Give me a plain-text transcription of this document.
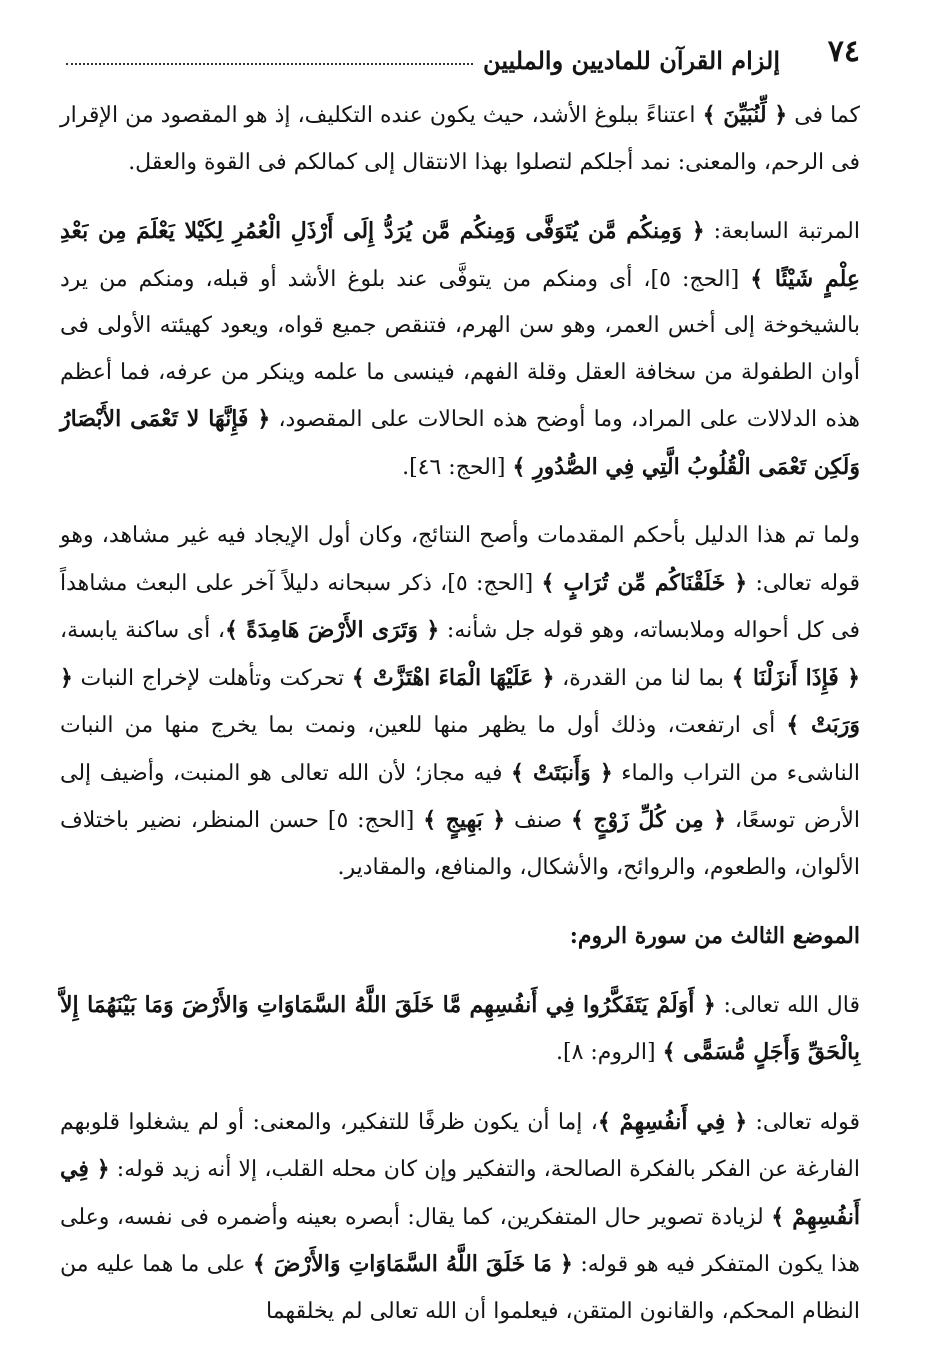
٧٤
إلزام القرآن للماديين والمليين

كما فى ﴿ لِّنُبَيِّنَ ﴾ اعتناءً ببلوغ الأشد، حيث يكون عنده التكليف، إذ هو المقصود من الإقرار فى الرحم، والمعنى: نمد أجلكم لتصلوا بهذا الانتقال إلى كمالكم فى القوة والعقل.

المرتبة السابعة: ﴿ وَمِنكُم مَّن يُتَوَفَّى وَمِنكُم مَّن يُرَدُّ إِلَى أَرْذَلِ الْعُمُرِ لِكَيْلا يَعْلَمَ مِن بَعْدِ عِلْمٍ شَيْئًا ﴾ [الحج: ٥]، أى ومنكم من يتوفَّى عند بلوغ الأشد أو قبله، ومنكم من يرد بالشيخوخة إلى أخس العمر، وهو سن الهرم، فتنقص جميع قواه، ويعود كهيئته الأولى فى أوان الطفولة من سخافة العقل وقلة الفهم، فينسى ما علمه وينكر من عرفه، فما أعظم هذه الدلالات على المراد، وما أوضح هذه الحالات على المقصود، ﴿ فَإِنَّهَا لا تَعْمَى الأَبْصَارُ وَلَكِن تَعْمَى الْقُلُوبُ الَّتِي فِي الصُّدُورِ ﴾ [الحج: ٤٦].

ولما تم هذا الدليل بأحكم المقدمات وأصح النتائج، وكان أول الإيجاد فيه غير مشاهد، وهو قوله تعالى: ﴿ خَلَقْنَاكُم مِّن تُرَابٍ ﴾ [الحج: ٥]، ذكر سبحانه دليلاً آخر على البعث مشاهداً فى كل أحواله وملابساته، وهو قوله جل شأنه: ﴿ وَتَرَى الأَرْضَ هَامِدَةً ﴾، أى ساكنة يابسة، ﴿ فَإِذَا أَنزَلْنَا ﴾ بما لنا من القدرة، ﴿ عَلَيْهَا الْمَاءَ اهْتَزَّتْ ﴾ تحركت وتأهلت لإخراج النبات ﴿ وَرَبَتْ ﴾ أى ارتفعت، وذلك أول ما يظهر منها للعين، ونمت بما يخرج منها من النبات الناشىء من التراب والماء ﴿ وَأَنبَتَتْ ﴾ فيه مجاز؛ لأن الله تعالى هو المنبت، وأضيف إلى الأرض توسعًا، ﴿ مِن كُلِّ زَوْجٍ ﴾ صنف ﴿ بَهِيجٍ ﴾ [الحج: ٥] حسن المنظر، نضير باختلاف الألوان، والطعوم، والروائح، والأشكال، والمنافع، والمقادير.

الموضع الثالث من سورة الروم:

قال الله تعالى: ﴿ أَوَلَمْ يَتَفَكَّرُوا فِي أَنفُسِهِم مَّا خَلَقَ اللَّهُ السَّمَاوَاتِ وَالأَرْضَ وَمَا بَيْنَهُمَا إِلاَّ بِالْحَقِّ وَأَجَلٍ مُّسَمًّى ﴾ [الروم: ٨].

قوله تعالى: ﴿ فِي أَنفُسِهِمْ ﴾، إما أن يكون ظرفًا للتفكير، والمعنى: أو لم يشغلوا قلوبهم الفارغة عن الفكر بالفكرة الصالحة، والتفكير وإن كان محله القلب، إلا أنه زيد قوله: ﴿ فِي أَنفُسِهِمْ ﴾ لزيادة تصوير حال المتفكرين، كما يقال: أبصره بعينه وأضمره فى نفسه، وعلى هذا يكون المتفكر فيه هو قوله: ﴿ مَا خَلَقَ اللَّهُ السَّمَاوَاتِ وَالأَرْضَ ﴾ على ما هما عليه من النظام المحكم، والقانون المتقن، فيعلموا أن الله تعالى لم يخلقهما
